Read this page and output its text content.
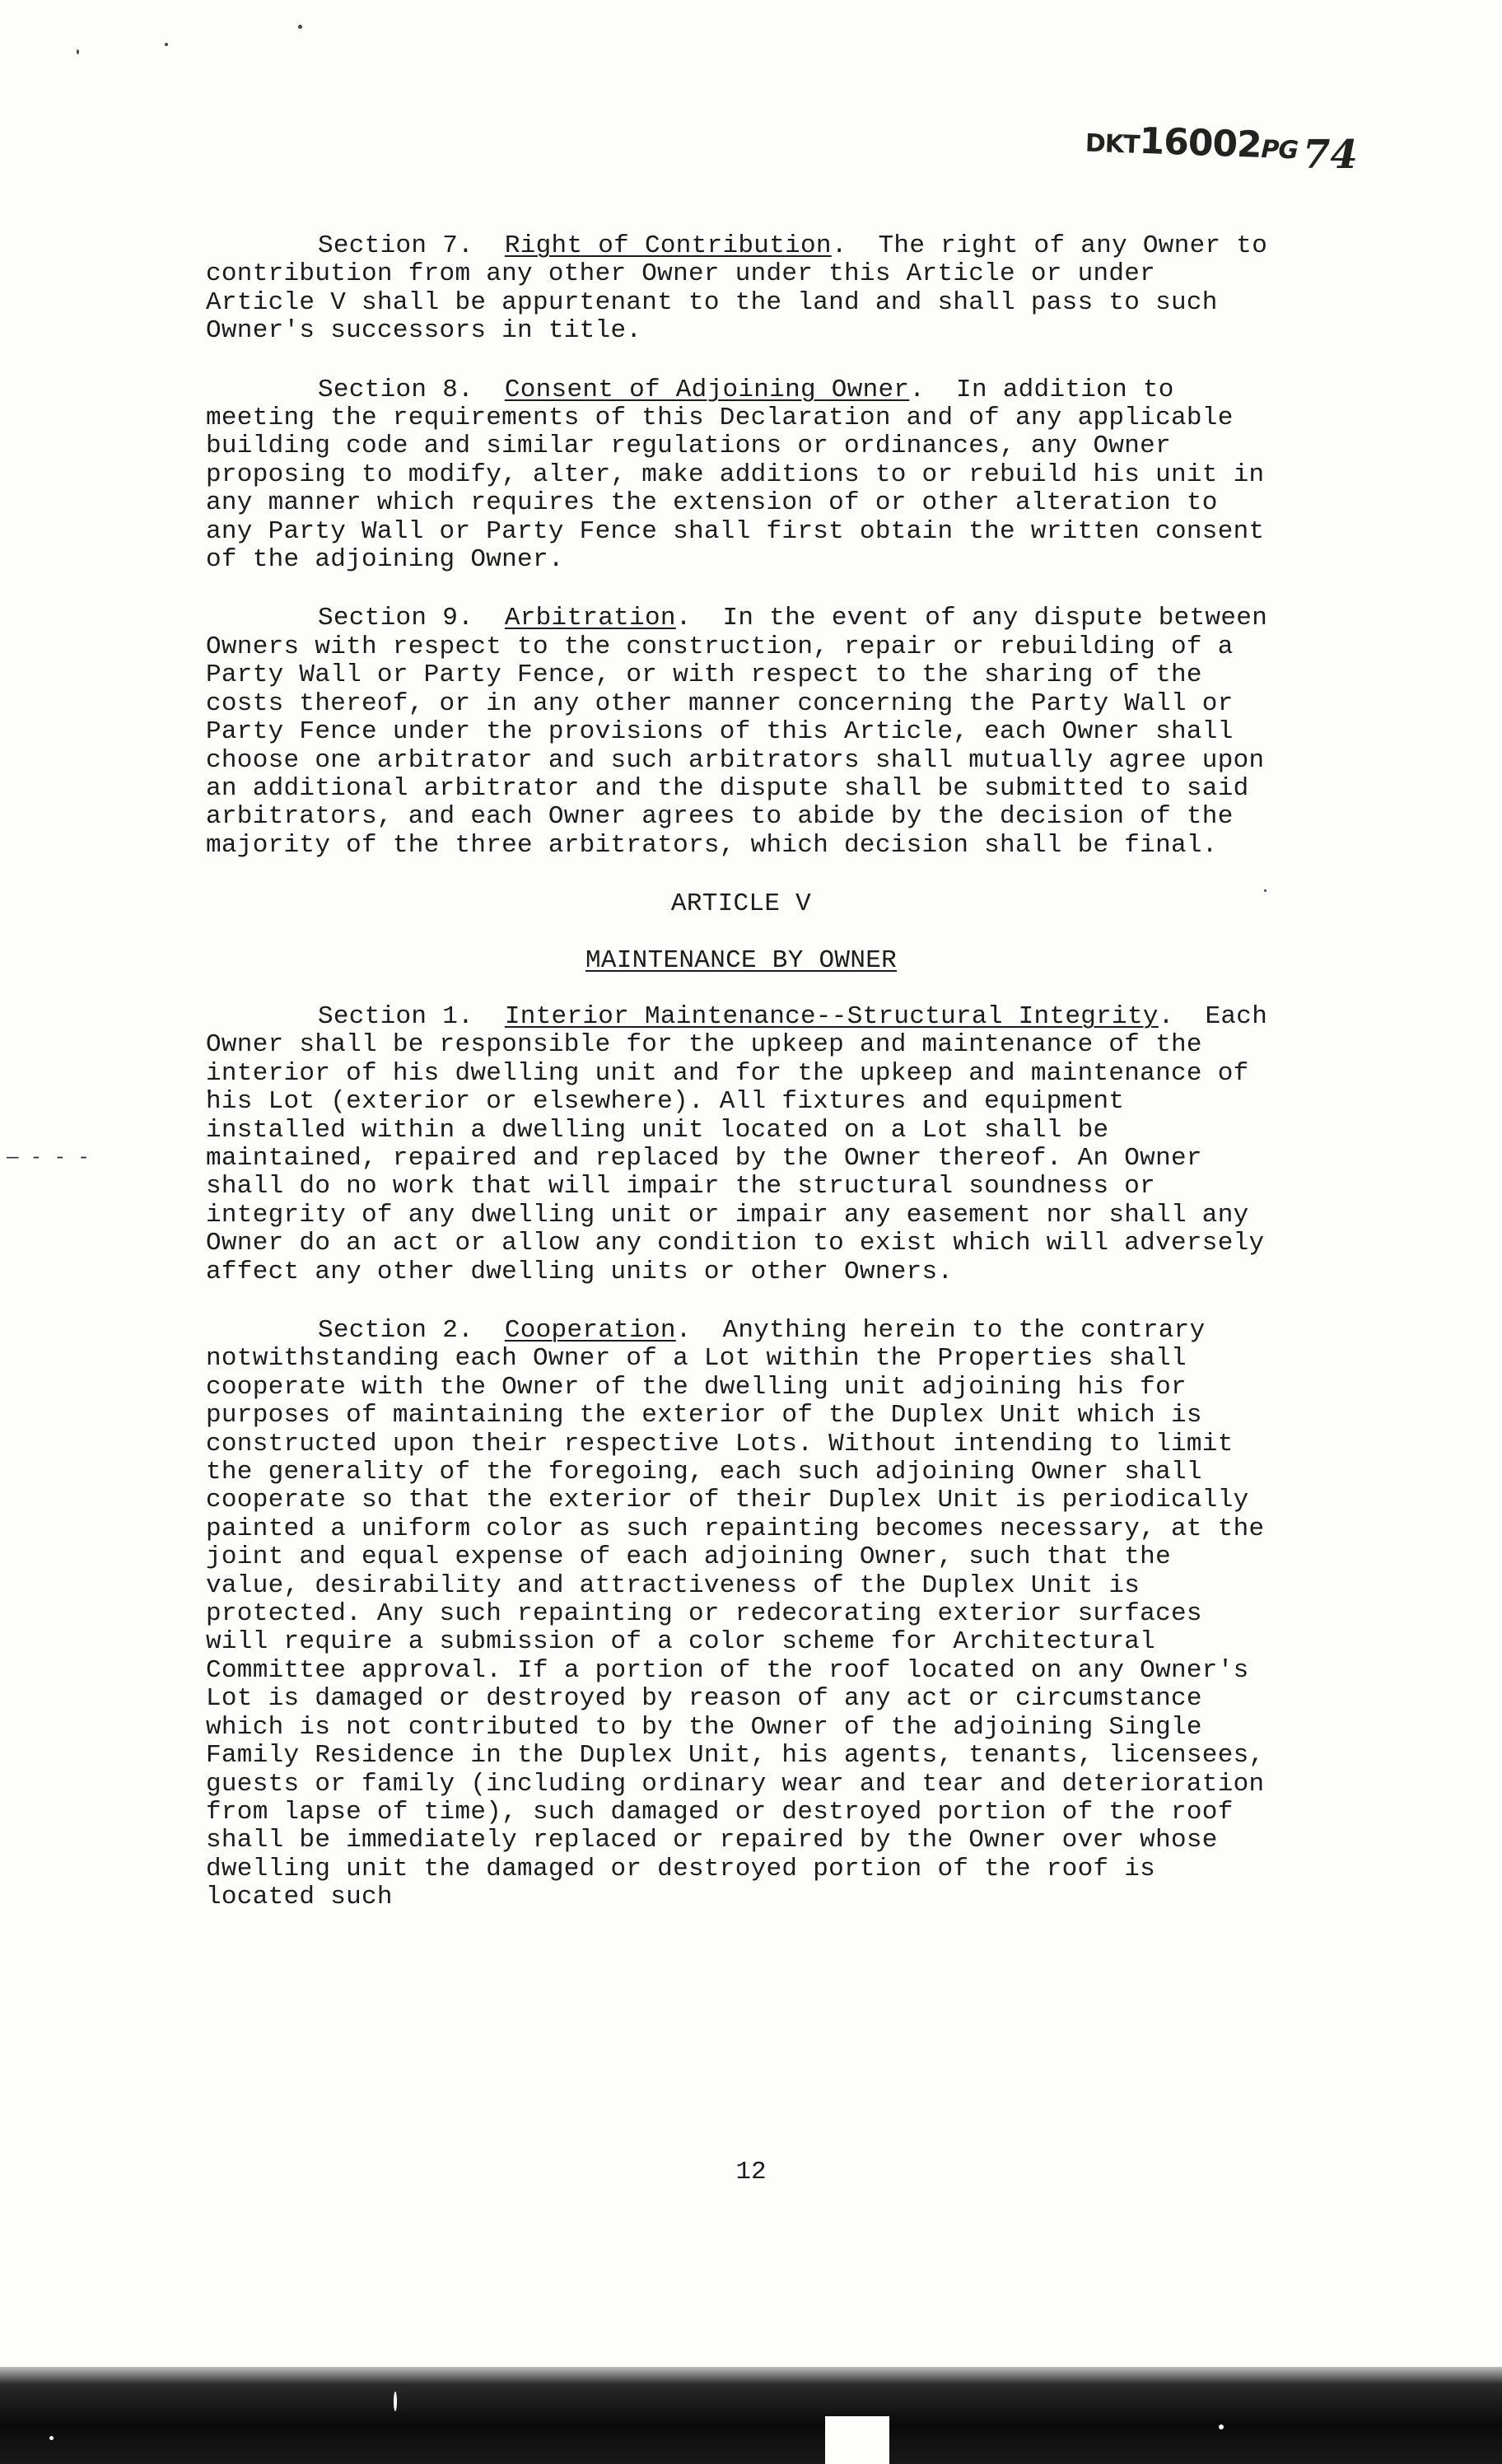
DKT16002PG 74
— - - -

Section 7. Right of Contribution.  The right of any Owner to contribution from any other Owner under this Article or under Article V shall be appurtenant to the land and shall pass to such Owner's successors in title.

Section 8. Consent of Adjoining Owner.  In addition to meeting the requirements of this Declaration and of any applicable building code and similar regulations or ordinances, any Owner proposing to modify, alter, make additions to or rebuild his unit in any manner which requires the extension of or other alteration to any Party Wall or Party Fence shall first obtain the written consent of the adjoining Owner.

Section 9. Arbitration.  In the event of any dispute between Owners with respect to the construction, repair or rebuilding of a Party Wall or Party Fence, or with respect to the sharing of the costs thereof, or in any other manner concerning the Party Wall or Party Fence under the provisions of this Article, each Owner shall choose one arbitrator and such arbitrators shall mutually agree upon an additional arbitrator and the dispute shall be submitted to said arbitrators, and each Owner agrees to abide by the decision of the majority of the three arbitrators, which decision shall be final.

ARTICLE V
MAINTENANCE BY OWNER

Section 1. Interior Maintenance--Structural Integrity.  Each Owner shall be responsible for the upkeep and maintenance of the interior of his dwelling unit and for the upkeep and maintenance of his Lot (exterior or elsewhere). All fixtures and equipment installed within a dwelling unit located on a Lot shall be maintained, repaired and replaced by the Owner thereof. An Owner shall do no work that will impair the structural soundness or integrity of any dwelling unit or impair any easement nor shall any Owner do an act or allow any condition to exist which will adversely affect any other dwelling units or other Owners.

Section 2. Cooperation.  Anything herein to the contrary notwithstanding each Owner of a Lot within the Properties shall cooperate with the Owner of the dwelling unit adjoining his for purposes of maintaining the exterior of the Duplex Unit which is constructed upon their respective Lots. Without intending to limit the generality of the foregoing, each such adjoining Owner shall cooperate so that the exterior of their Duplex Unit is periodically painted a uniform color as such repainting becomes necessary, at the joint and equal expense of each adjoining Owner, such that the value, desirability and attractiveness of the Duplex Unit is protected. Any such repainting or redecorating exterior surfaces will require a submission of a color scheme for Architectural Committee approval. If a portion of the roof located on any Owner's Lot is damaged or destroyed by reason of any act or circumstance which is not contributed to by the Owner of the adjoining Single Family Residence in the Duplex Unit, his agents, tenants, licensees, guests or family (including ordinary wear and tear and deterioration from lapse of time), such damaged or destroyed portion of the roof shall be immediately replaced or repaired by the Owner over whose dwelling unit the damaged or destroyed portion of the roof is located such

12
